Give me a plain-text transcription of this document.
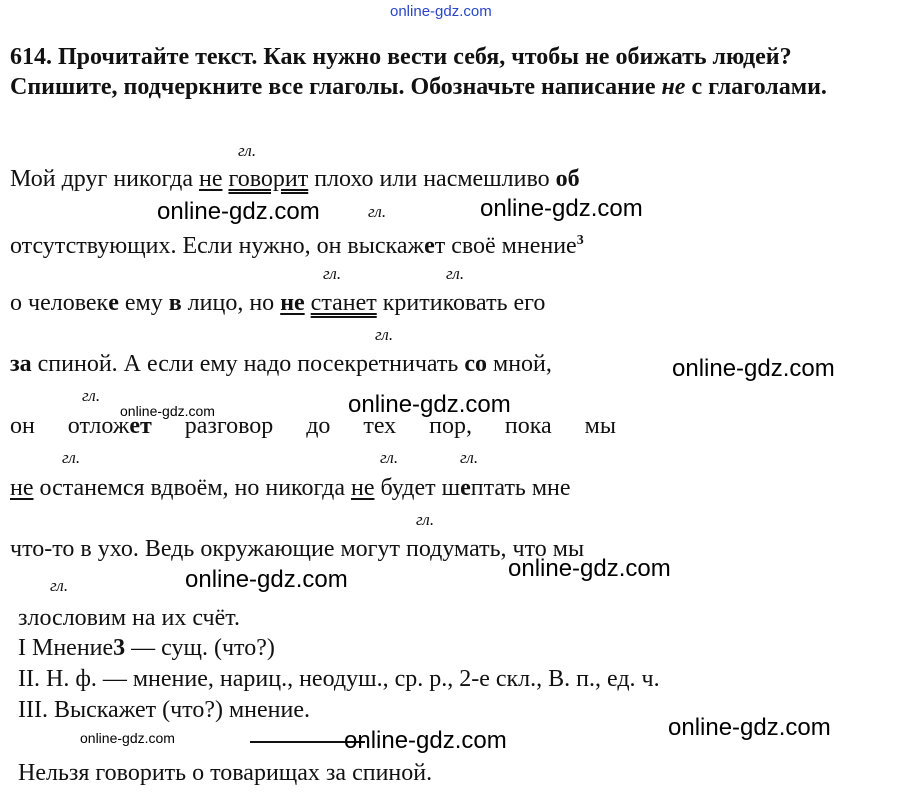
online-gdz.com
614. Прочитайте текст. Как нужно вести себя, чтобы не обижать людей? Спишите, подчеркните все глаголы. Обозначьте написание не с глаголами.
гл.
Мой друг никогда не говорит плохо или насмешливо об
online-gdz.com	гл.	online-gdz.com
отсутствующих. Если нужно, он выскажет своё мнение$^3$
гл.	гл.
о человеке ему в лицо, но не станет критиковать его
гл.
за спиной. А если ему надо посекретничать со мной,	online-gdz.com
гл.
online-gdz.com	online-gdz.com
он отложет разговор до тех пор, пока мы
гл.	гл.	гл.
не останемся вдвоём, но никогда не будет шептать мне
гл.
что-то в ухо. Ведь окружающие могут подумать, что мы
online-gdz.com
гл.	online-gdz.com
злословим на их счёт.
I Мнение3 — сущ. (что?)
II. Н. ф. — мнение, нариц., неодуш., ср. р., 2-е скл., В. п., ед. ч.
III. Выскажет (что?) мнение.
online-gdz.com
online-gdz.com	online-gdz.com
Нельзя говорить о товарищах за спиной.
